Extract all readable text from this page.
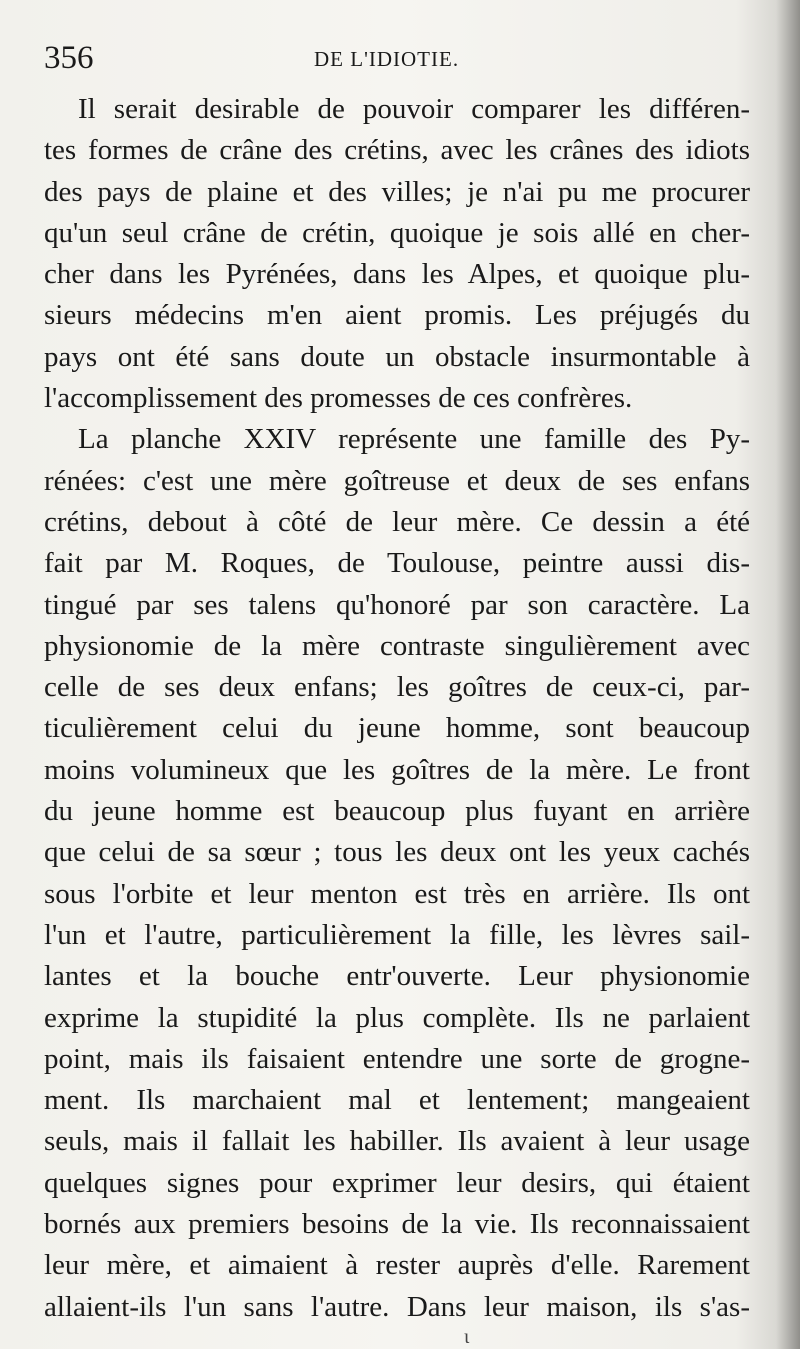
356	DE L'IDIOTIE.
Il serait desirable de pouvoir comparer les différen-
tes formes de crâne des crétins, avec les crânes des idiots
des pays de plaine et des villes; je n'ai pu me procurer
qu'un seul crâne de crétin, quoique je sois allé en cher-
cher dans les Pyrénées, dans les Alpes, et quoique plu-
sieurs médecins m'en aient promis. Les préjugés du
pays ont été sans doute un obstacle insurmontable à
l'accomplissement des promesses de ces confrères.
La planche XXIV représente une famille des Py-
rénées: c'est une mère goîtreuse et deux de ses enfans
crétins, debout à côté de leur mère. Ce dessin a été
fait par M. Roques, de Toulouse, peintre aussi dis-
tingué par ses talens qu'honoré par son caractère. La
physionomie de la mère contraste singulièrement avec
celle de ses deux enfans; les goîtres de ceux-ci, par-
ticulièrement celui du jeune homme, sont beaucoup
moins volumineux que les goîtres de la mère. Le front
du jeune homme est beaucoup plus fuyant en arrière
que celui de sa sœur ; tous les deux ont les yeux cachés
sous l'orbite et leur menton est très en arrière. Ils ont
l'un et l'autre, particulièrement la fille, les lèvres sail-
lantes et la bouche entr'ouverte. Leur physionomie
exprime la stupidité la plus complète. Ils ne parlaient
point, mais ils faisaient entendre une sorte de grogne-
ment. Ils marchaient mal et lentement; mangeaient
seuls, mais il fallait les habiller. Ils avaient à leur usage
quelques signes pour exprimer leur desirs, qui étaient
bornés aux premiers besoins de la vie. Ils reconnaissaient
leur mère, et aimaient à rester auprès d'elle. Rarement
allaient-ils l'un sans l'autre. Dans leur maison, ils s'as-
ɩ
